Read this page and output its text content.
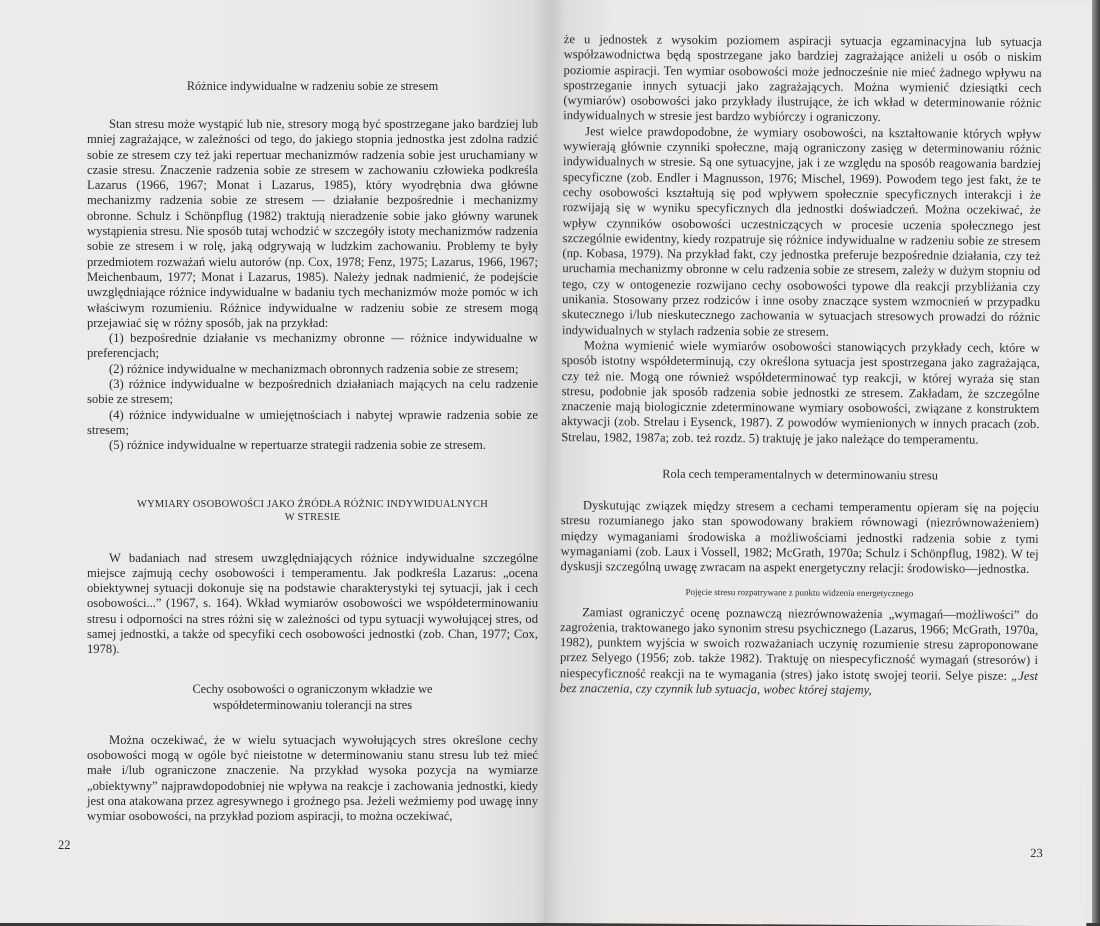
Różnice indywidualne w radzeniu sobie ze stresem

Stan stresu może wystąpić lub nie, stresory mogą być spostrzegane jako bardziej lub mniej zagrażające, w zależności od tego, do jakiego stopnia jednostka jest zdolna radzić sobie ze stresem czy też jaki repertuar mechanizmów radzenia sobie jest uruchamiany w czasie stresu. Znaczenie radzenia sobie ze stresem w zachowaniu człowieka podkreśla Lazarus (1966, 1967; Monat i Lazarus, 1985), który wyodrębnia dwa główne mechanizmy radzenia sobie ze stresem — działanie bezpośrednie i mechanizmy obronne. Schulz i Schönpflug (1982) traktują nieradzenie sobie jako główny warunek wystąpienia stresu. Nie sposób tutaj wchodzić w szczegóły istoty mechanizmów radzenia sobie ze stresem i w rolę, jaką odgrywają w ludzkim zachowaniu. Problemy te były przedmiotem rozważań wielu autorów (np. Cox, 1978; Fenz, 1975; Lazarus, 1966, 1967; Meichenbaum, 1977; Monat i Lazarus, 1985). Należy jednak nadmienić, że podejście uwzględniające różnice indywidualne w badaniu tych mechanizmów może pomóc w ich właściwym rozumieniu. Różnice indywidualne w radzeniu sobie ze stresem mogą przejawiać się w różny sposób, jak na przykład:

(1) bezpośrednie działanie vs mechanizmy obronne — różnice indywidualne w preferencjach;

(2) różnice indywidualne w mechanizmach obronnych radzenia sobie ze stresem;

(3) różnice indywidualne w bezpośrednich działaniach mających na celu radzenie sobie ze stresem;

(4) różnice indywidualne w umiejętnościach i nabytej wprawie radzenia sobie ze stresem;

(5) różnice indywidualne w repertuarze strategii radzenia sobie ze stresem.

WYMIARY OSOBOWOŚCI JAKO ŹRÓDŁA RÓŻNIC INDYWIDUALNYCH

W STRESIE

W badaniach nad stresem uwzględniających różnice indywidualne szczególne miejsce zajmują cechy osobowości i temperamentu. Jak podkreśla Lazarus: „ocena obiektywnej sytuacji dokonuje się na podstawie charakterystyki tej sytuacji, jak i cech osobowości...” (1967, s. 164). Wkład wymiarów osobowości we współdeterminowaniu stresu i odporności na stres różni się w zależności od typu sytuacji wywołującej stres, od samej jednostki, a także od specyfiki cech osobowości jednostki (zob. Chan, 1977; Cox, 1978).

Cechy osobowości o ograniczonym wkładzie we

współdeterminowaniu tolerancji na stres

Można oczekiwać, że w wielu sytuacjach wywołujących stres określone cechy osobowości mogą w ogóle być nieistotne w determinowaniu stanu stresu lub też mieć małe i/lub ograniczone znaczenie. Na przykład wysoka pozycja na wymiarze „obiektywny” najprawdopodobniej nie wpływa na reakcje i zachowania jednostki, kiedy jest ona atakowana przez agresywnego i groźnego psa. Jeżeli weźmiemy pod uwagę inny wymiar osobowości, na przykład poziom aspiracji, to można oczekiwać,

22

że u jednostek z wysokim poziomem aspiracji sytuacja egzaminacyjna lub sytuacja współzawodnictwa będą spostrzegane jako bardziej zagrażające aniżeli u osób o niskim poziomie aspiracji. Ten wymiar osobowości może jednocześnie nie mieć żadnego wpływu na spostrzeganie innych sytuacji jako zagrażających. Można wymienić dziesiątki cech (wymiarów) osobowości jako przykłady ilustrujące, że ich wkład w determinowanie różnic indywidualnych w stresie jest bardzo wybiórczy i ograniczony.

Jest wielce prawdopodobne, że wymiary osobowości, na kształtowanie których wpływ wywierają głównie czynniki społeczne, mają ograniczony zasięg w determinowaniu różnic indywidualnych w stresie. Są one sytuacyjne, jak i ze względu na sposób reagowania bardziej specyficzne (zob. Endler i Magnusson, 1976; Mischel, 1969). Powodem tego jest fakt, że te cechy osobowości kształtują się pod wpływem społecznie specyficznych interakcji i że rozwijają się w wyniku specyficznych dla jednostki doświadczeń. Można oczekiwać, że wpływ czynników osobowości uczestniczących w procesie uczenia społecznego jest szczególnie ewidentny, kiedy rozpatruje się różnice indywidualne w radzeniu sobie ze stresem (np. Kobasa, 1979). Na przykład fakt, czy jednostka preferuje bezpośrednie działania, czy też uruchamia mechanizmy obronne w celu radzenia sobie ze stresem, zależy w dużym stopniu od tego, czy w ontogenezie rozwijano cechy osobowości typowe dla reakcji przybliżania czy unikania. Stosowany przez rodziców i inne osoby znaczące system wzmocnień w przypadku skutecznego i/lub nieskutecznego zachowania w sytuacjach stresowych prowadzi do różnic indywidualnych w stylach radzenia sobie ze stresem.

Można wymienić wiele wymiarów osobowości stanowiących przykłady cech, które w sposób istotny współdeterminują, czy określona sytuacja jest spostrzegana jako zagrażająca, czy też nie. Mogą one również współdeterminować typ reakcji, w której wyraża się stan stresu, podobnie jak sposób radzenia sobie jednostki ze stresem. Zakładam, że szczególne znaczenie mają biologicznie zdeterminowane wymiary osobowości, związane z konstruktem aktywacji (zob. Strelau i Eysenck, 1987). Z powodów wymienionych w innych pracach (zob. Strelau, 1982, 1987a; zob. też rozdz. 5) traktuję je jako należące do temperamentu.

Rola cech temperamentalnych w determinowaniu stresu

Dyskutując związek między stresem a cechami temperamentu opieram się na pojęciu stresu rozumianego jako stan spowodowany brakiem równowagi (niezrównoważeniem) między wymaganiami środowiska a możliwościami jednostki radzenia sobie z tymi wymaganiami (zob. Laux i Vossell, 1982; McGrath, 1970a; Schulz i Schönpflug, 1982). W tej dyskusji szczególną uwagę zwracam na aspekt energetyczny relacji: środowisko—jednostka.

Pojęcie stresu rozpatrywane z punktu widzenia energetycznego

Zamiast ograniczyć ocenę poznawczą niezrównoważenia „wymagań—możliwości” do zagrożenia, traktowanego jako synonim stresu psychicznego (Lazarus, 1966; McGrath, 1970a, 1982), punktem wyjścia w swoich rozważaniach uczynię rozumienie stresu zaproponowane przez Selyego (1956; zob. także 1982). Traktuję on niespecyficzność wymagań (stresorów) i niespecyficzność reakcji na te wymagania (stres) jako istotę swojej teorii. Selye pisze: „Jest bez znaczenia, czy czynnik lub sytuacja, wobec której stajemy,

23
